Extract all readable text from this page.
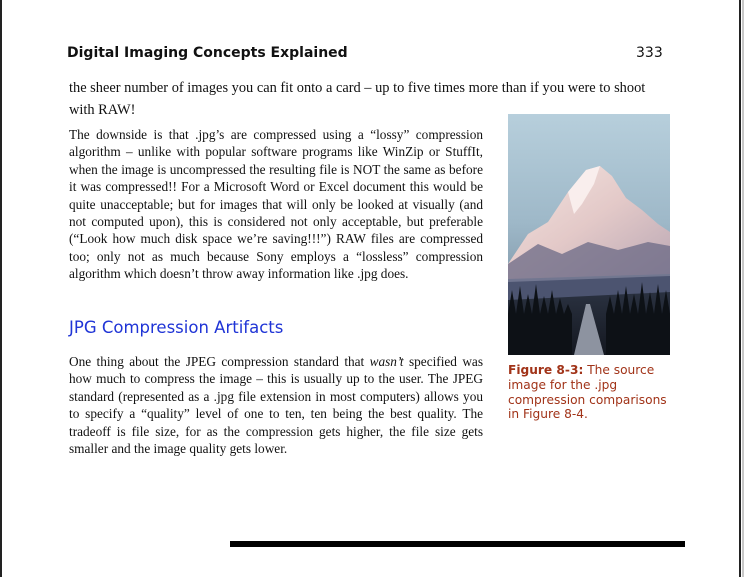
Digital Imaging Concepts Explained	333

the sheer number of images you can fit onto a card – up to five times more than if you were to shoot with RAW!

The downside is that .jpg’s are compressed using a “lossy” compression algorithm – unlike with popular software programs like WinZip or StuffIt, when the image is uncompressed the resulting file is NOT the same as before it was compressed!! For a Microsoft Word or Excel document this would be quite unacceptable; but for images that will only be looked at visually (and not computed upon), this is considered not only acceptable, but preferable (“Look how much disk space we’re saving!!!”) RAW files are compressed too; only not as much because Sony employs a “lossless” compression algorithm which doesn’t throw away information like .jpg does.

JPG Compression Artifacts

One thing about the JPEG compression standard that wasn’t specified was how much to compress the image – this is usually up to the user. The JPEG standard (represented as a .jpg file extension in most computers) allows you to specify a “quality” level of one to ten, ten being the best quality. The tradeoff is file size, for as the compression gets higher, the file size gets smaller and the image quality gets lower.

Figure 8-3: The source image for the .jpg compression comparisons in Figure 8-4.
